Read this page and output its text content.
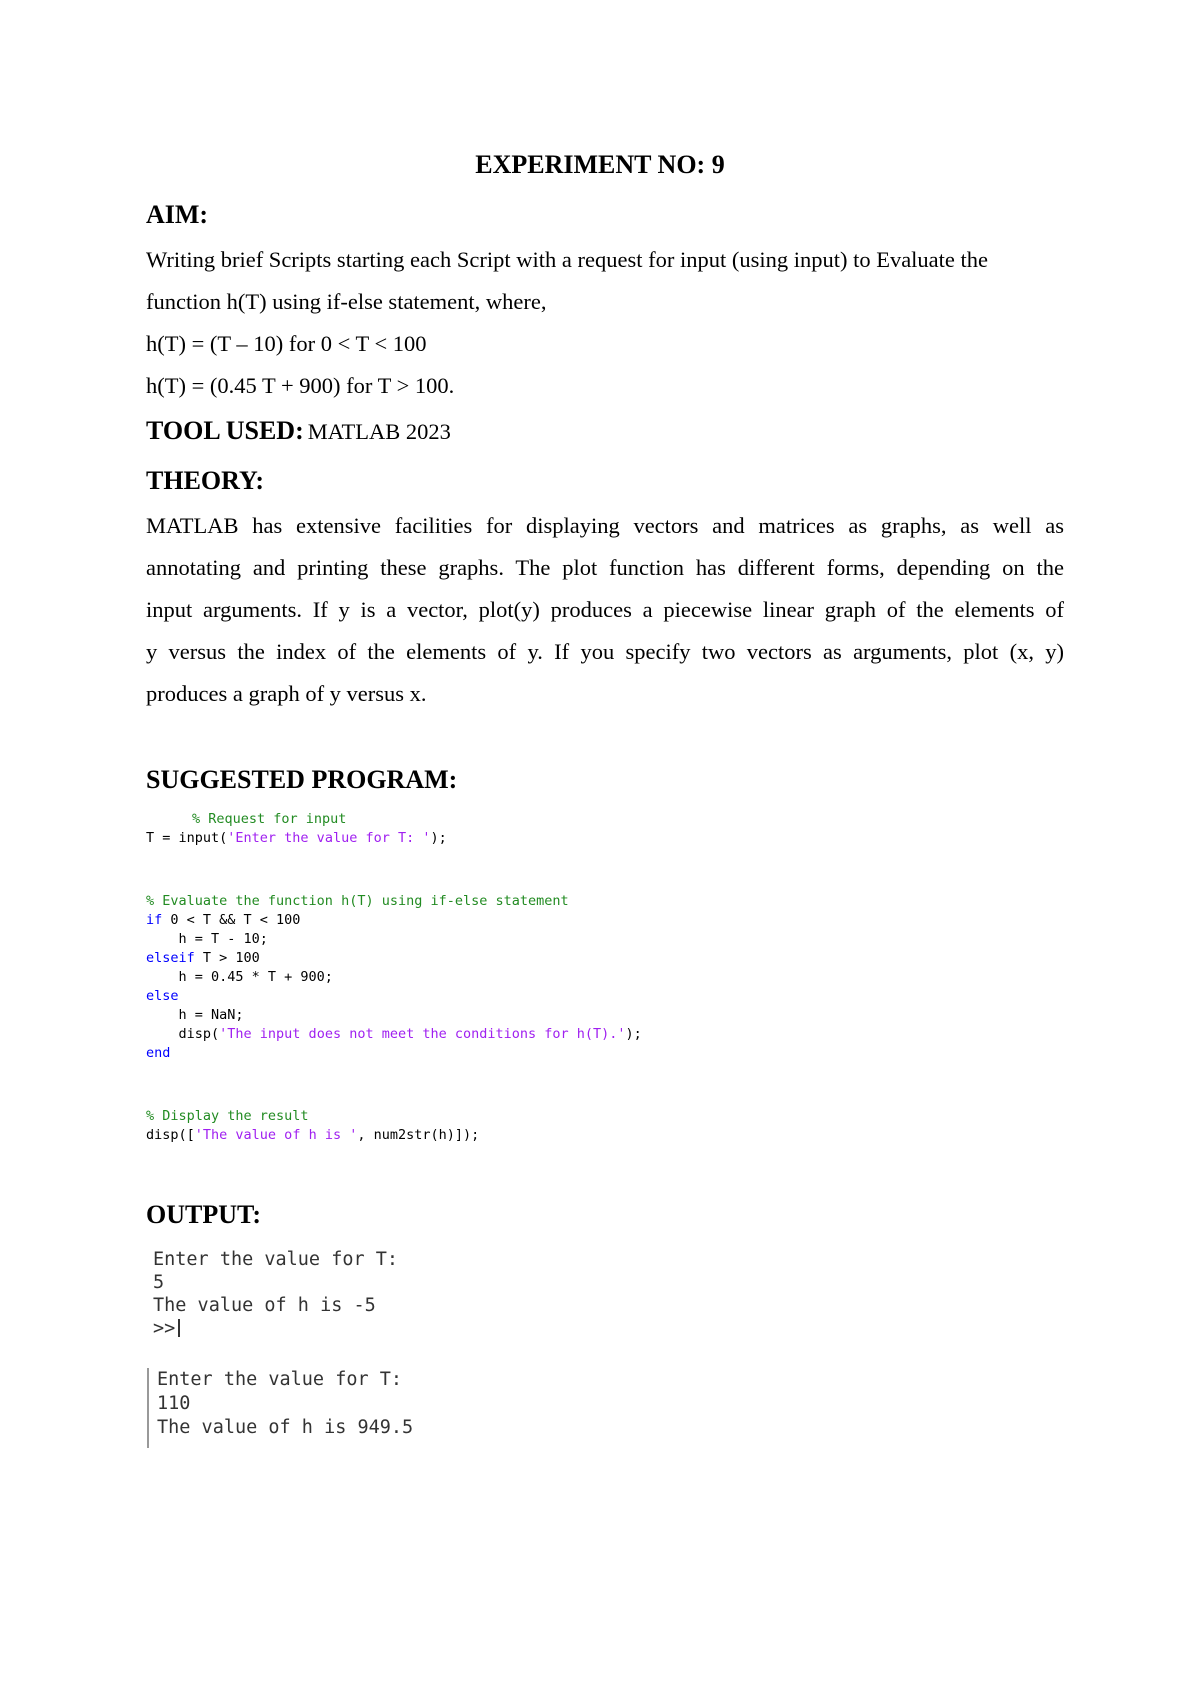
EXPERIMENT NO: 9
AIM:
Writing brief Scripts starting each Script with a request for input (using input) to Evaluate the
function h(T) using if-else statement, where,
h(T) = (T – 10) for 0 < T < 100
h(T) = (0.45 T + 900) for T > 100.
TOOL USED: MATLAB 2023
THEORY:
MATLAB has extensive facilities for displaying vectors and matrices as graphs, as well as
annotating and printing these graphs. The plot function has different forms, depending on the
input arguments. If y is a vector, plot(y) produces a piecewise linear graph of the elements of
y versus the index of the elements of y. If you specify two vectors as arguments, plot (x, y)
produces a graph of y versus x.
SUGGESTED PROGRAM:
% Request for input
T = input('Enter the value for T: ');
% Evaluate the function h(T) using if-else statement
if 0 < T && T < 100
h = T - 10;
elseif T > 100
h = 0.45 * T + 900;
else
h = NaN;
disp('The input does not meet the conditions for h(T).');
end
% Display the result
disp(['The value of h is ', num2str(h)]);
OUTPUT:
Enter the value for T:
5
The value of h is -5
>>
Enter the value for T:
110
The value of h is 949.5
